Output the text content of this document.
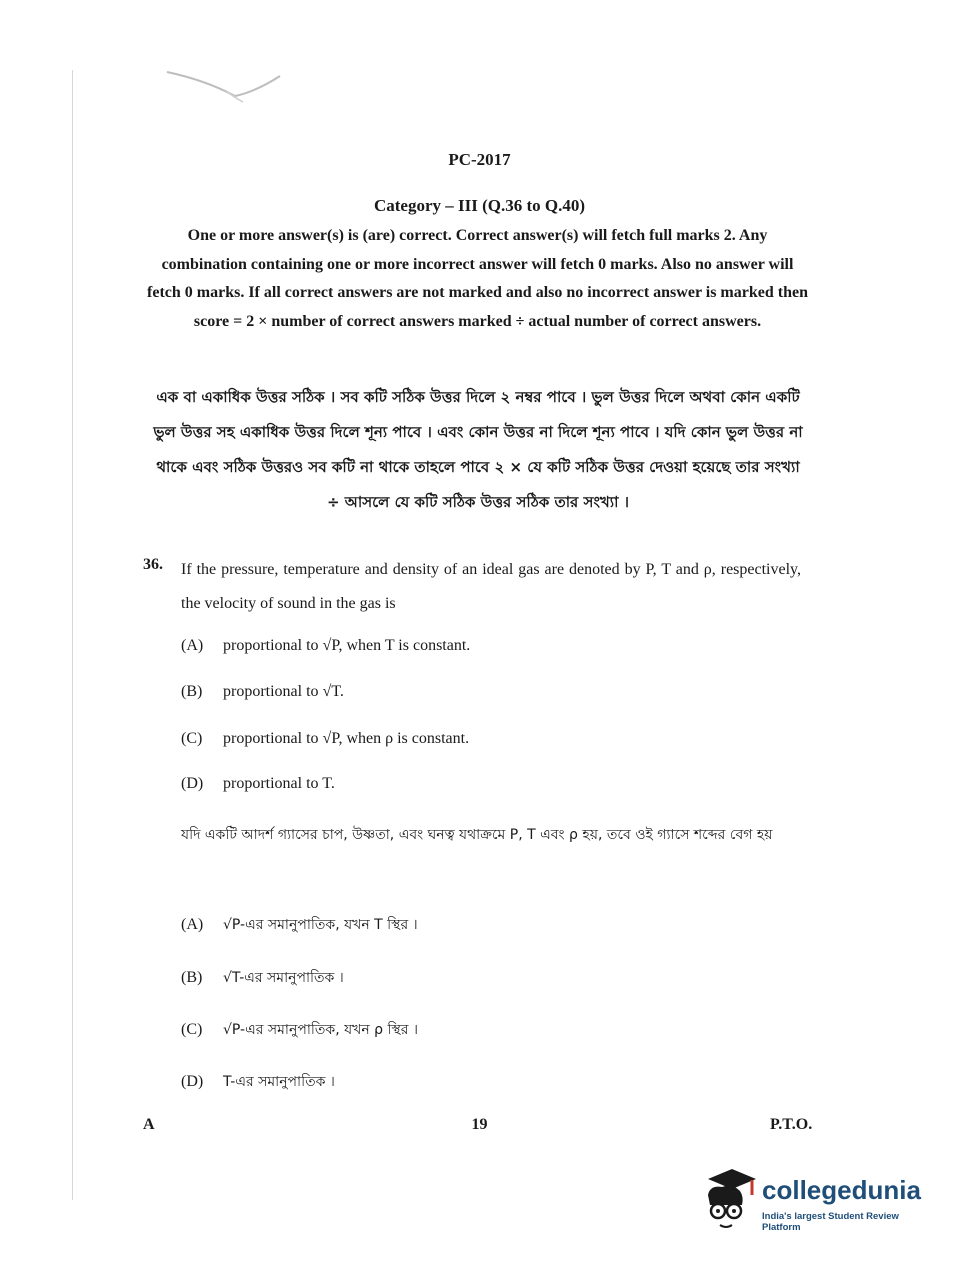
PC-2017
Category – III (Q.36 to Q.40)
One or more answer(s) is (are) correct. Correct answer(s) will fetch full marks 2. Any combination containing one or more incorrect answer will fetch 0 marks. Also no answer will fetch 0 marks. If all correct answers are not marked and also no incorrect answer is marked then score = 2 × number of correct answers marked ÷ actual number of correct answers.
এক বা একাধিক উত্তর সঠিক । সব কটি সঠিক উত্তর দিলে ২ নম্বর পাবে । ভুল উত্তর দিলে অথবা কোন একটি ভুল উত্তর সহ একাধিক উত্তর দিলে শূন্য পাবে । এবং কোন উত্তর না দিলে শূন্য পাবে । যদি কোন ভুল উত্তর না থাকে এবং সঠিক উত্তরও সব কটি না থাকে তাহলে পাবে ২ × যে কটি সঠিক উত্তর দেওয়া হয়েছে তার সংখ্যা ÷ আসলে যে কটি সঠিক উত্তর সঠিক তার সংখ্যা ।
36. If the pressure, temperature and density of an ideal gas are denoted by P, T and ρ, respectively, the velocity of sound in the gas is
(A) proportional to √P, when T is constant.
(B) proportional to √T.
(C) proportional to √P, when ρ is constant.
(D) proportional to T.
যদি একটি আদর্শ গ্যাসের চাপ, উষ্ণতা, এবং ঘনত্ব যথাক্রমে P, T এবং ρ হয়, তবে ওই গ্যাসে শব্দের বেগ হয়
(A) √P-এর সমানুপাতিক, যখন T স্থির ।
(B) √T-এর সমানুপাতিক ।
(C) √P-এর সমানুপাতিক, যখন ρ স্থির ।
(D) T-এর সমানুপাতিক ।
A	19	P.T.O.
collegedunia
India's largest Student Review Platform
